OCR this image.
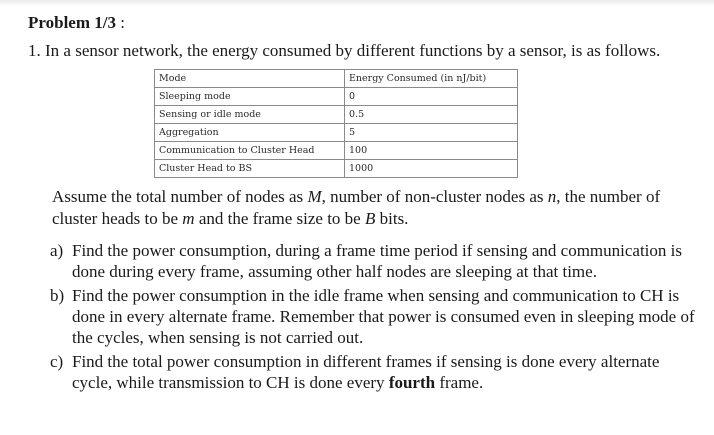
Problem 1/3 :
1. In a sensor network, the energy consumed by different functions by a sensor, is as follows.
Mode	Energy Consumed (in nJ/bit)
Sleeping mode	0
Sensing or idle mode	0.5
Aggregation	5
Communication to Cluster Head	100
Cluster Head to BS	1000
Assume the total number of nodes as M, number of non-cluster nodes as n, the number of cluster heads to be m and the frame size to be B bits.
a) Find the power consumption, during a frame time period if sensing and communication is done during every frame, assuming other half nodes are sleeping at that time.
b) Find the power consumption in the idle frame when sensing and communication to CH is done in every alternate frame. Remember that power is consumed even in sleeping mode of the cycles, when sensing is not carried out.
c) Find the total power consumption in different frames if sensing is done every alternate cycle, while transmission to CH is done every fourth frame.
